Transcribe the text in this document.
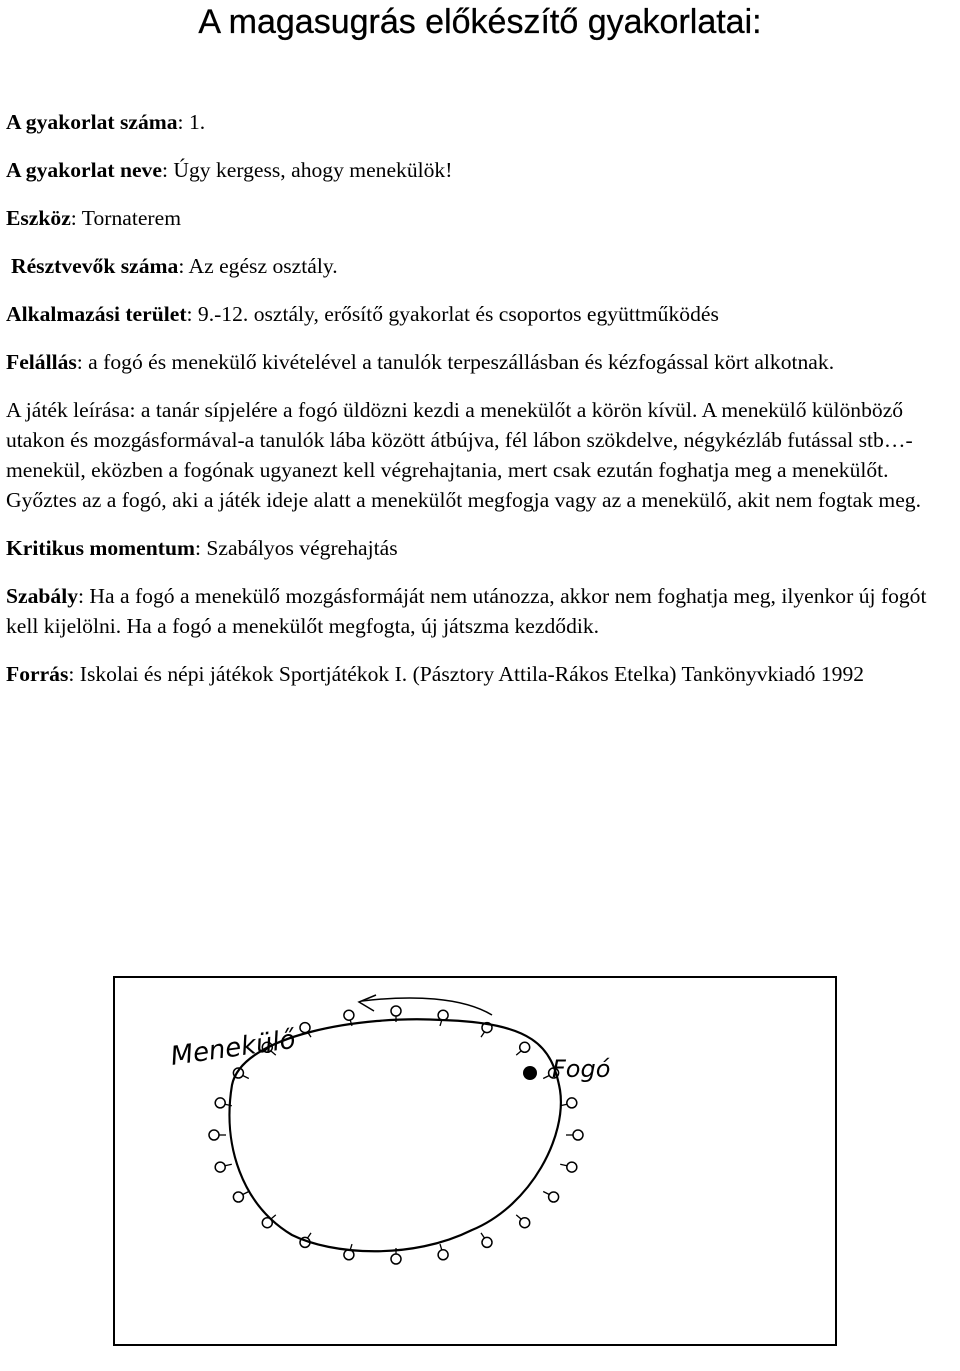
A magasugrás előkészítő gyakorlatai:

A gyakorlat száma: 1.

A gyakorlat neve: Úgy kergess, ahogy menekülök!

Eszköz: Tornaterem

Résztvevők száma: Az egész osztály.

Alkalmazási terület: 9.-12. osztály, erősítő gyakorlat és csoportos együttműködés

Felállás: a fogó és menekülő kivételével a tanulók terpeszállásban és kézfogással kört alkotnak.

A játék leírása: a tanár sípjelére a fogó üldözni kezdi a menekülőt a körön kívül. A menekülő különböző utakon és mozgásformával-a tanulók lába között átbújva, fél lábon szökdelve, négykézláb futással stb…- menekül, eközben a fogónak ugyanezt kell végrehajtania, mert csak ezután foghatja meg a menekülőt. Győztes az a fogó, aki a játék ideje alatt a menekülőt megfogja vagy az a menekülő, akit nem fogtak meg.

Kritikus momentum: Szabályos végrehajtás

Szabály: Ha a fogó a menekülő mozgásformáját nem utánozza, akkor nem foghatja meg, ilyenkor új fogót kell kijelölni. Ha a fogó a menekülőt megfogta, új játszma kezdődik.

Forrás: Iskolai és népi játékok Sportjátékok I. (Pásztory Attila-Rákos Etelka) Tankönyvkiadó 1992

Menekülő	Fogó
